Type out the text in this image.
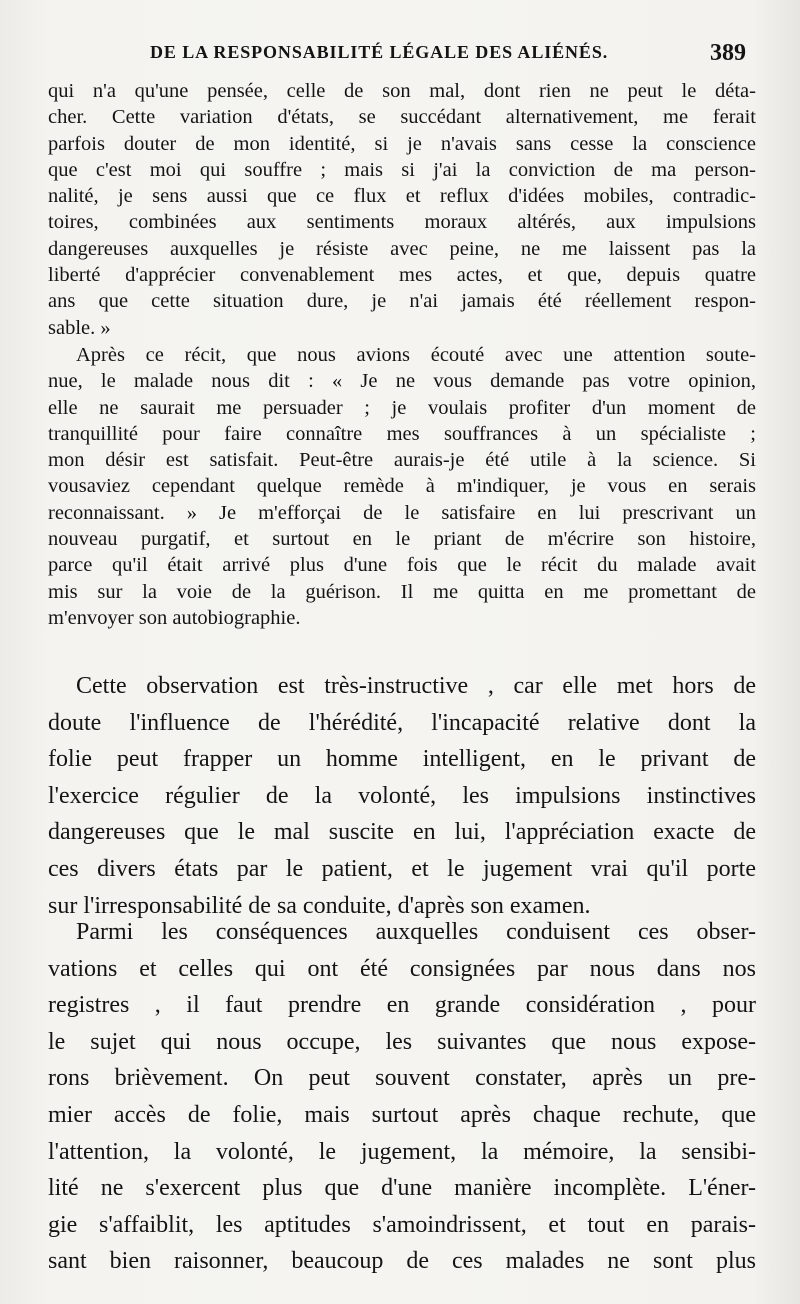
DE LA RESPONSABILITÉ LÉGALE DES ALIÉNÉS.	389
qui n'a qu'une pensée, celle de son mal, dont rien ne peut le déta-
cher. Cette variation d'états, se succédant alternativement, me ferait
parfois douter de mon identité, si je n'avais sans cesse la conscience
que c'est moi qui souffre ; mais si j'ai la conviction de ma person-
nalité, je sens aussi que ce flux et reflux d'idées mobiles, contradic-
toires, combinées aux sentiments moraux altérés, aux impulsions
dangereuses auxquelles je résiste avec peine, ne me laissent pas la
liberté d'apprécier convenablement mes actes, et que, depuis quatre
ans que cette situation dure, je n'ai jamais été réellement respon-
sable. »
Après ce récit, que nous avions écouté avec une attention soute-
nue, le malade nous dit : « Je ne vous demande pas votre opinion,
elle ne saurait me persuader ; je voulais profiter d'un moment de
tranquillité pour faire connaître mes souffrances à un spécialiste ;
mon désir est satisfait. Peut-être aurais-je été utile à la science. Si
vousaviez cependant quelque remède à m'indiquer, je vous en serais
reconnaissant. » Je m'efforçai de le satisfaire en lui prescrivant un
nouveau purgatif, et surtout en le priant de m'écrire son histoire,
parce qu'il était arrivé plus d'une fois que le récit du malade avait
mis sur la voie de la guérison. Il me quitta en me promettant de
m'envoyer son autobiographie.
Cette observation est très-instructive , car elle met hors de
doute l'influence de l'hérédité, l'incapacité relative dont la
folie peut frapper un homme intelligent, en le privant de
l'exercice régulier de la volonté, les impulsions instinctives
dangereuses que le mal suscite en lui, l'appréciation exacte de
ces divers états par le patient, et le jugement vrai qu'il porte
sur l'irresponsabilité de sa conduite, d'après son examen.
Parmi les conséquences auxquelles conduisent ces obser-
vations et celles qui ont été consignées par nous dans nos
registres , il faut prendre en grande considération , pour
le sujet qui nous occupe, les suivantes que nous expose-
rons brièvement. On peut souvent constater, après un pre-
mier accès de folie, mais surtout après chaque rechute, que
l'attention, la volonté, le jugement, la mémoire, la sensibi-
lité ne s'exercent plus que d'une manière incomplète. L'éner-
gie s'affaiblit, les aptitudes s'amoindrissent, et tout en parais-
sant bien raisonner, beaucoup de ces malades ne sont plus
